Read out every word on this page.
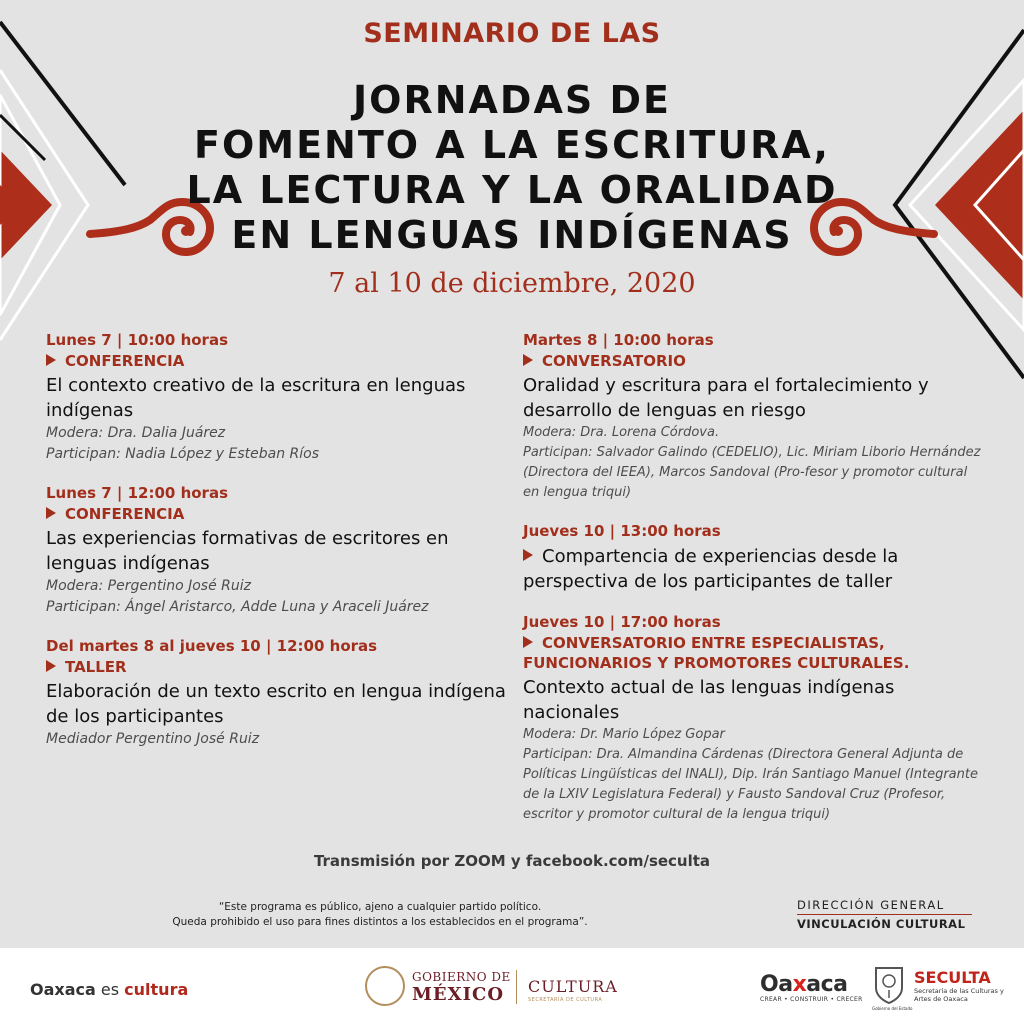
SEMINARIO DE LAS
JORNADAS DE
FOMENTO A LA ESCRITURA,
LA LECTURA Y LA ORALIDAD
EN LENGUAS INDÍGENAS
7 al 10 de diciembre, 2020
Lunes 7 | 10:00 horas
CONFERENCIA
El contexto creativo de la escritura en lenguas indígenas
Modera: Dra. Dalia Juárez
Participan: Nadia López y Esteban Ríos
Lunes 7 | 12:00 horas
CONFERENCIA
Las experiencias formativas de escritores en lenguas indígenas
Modera: Pergentino José Ruiz
Participan: Ángel Aristarco, Adde Luna y Araceli Juárez
Del martes 8 al jueves 10 | 12:00 horas
TALLER
Elaboración de un texto escrito en lengua indígena de los participantes
Mediador Pergentino José Ruiz
Martes 8 | 10:00 horas
CONVERSATORIO
Oralidad y escritura para el fortalecimiento y desarrollo de lenguas en riesgo
Modera: Dra. Lorena Córdova.
Participan: Salvador Galindo (CEDELIO), Lic. Miriam Liborio Hernández (Directora del IEEA), Marcos Sandoval (Pro-fesor y promotor cultural en lengua triqui)
Jueves 10 | 13:00 horas
Compartencia de experiencias desde la perspectiva de los participantes de taller
Jueves 10 | 17:00 horas
CONVERSATORIO ENTRE ESPECIALISTAS, FUNCIONARIOS Y PROMOTORES CULTURALES.
Contexto actual de las lenguas indígenas nacionales
Modera: Dr. Mario López Gopar
Participan: Dra. Almandina Cárdenas (Directora General Adjunta de Políticas Lingüísticas del INALI), Dip. Irán Santiago Manuel (Integrante de la LXIV Legislatura Federal) y Fausto Sandoval Cruz (Profesor, escritor y promotor cultural de la lengua triqui)
Transmisión por ZOOM y facebook.com/seculta
“Este programa es público, ajeno a cualquier partido político.
Queda prohibido el uso para fines distintos a los establecidos en el programa”.
DIRECCIÓN GENERAL
VINCULACIÓN CULTURAL
Oaxaca es cultura
GOBIERNO DE
MÉXICO CULTURA
SECRETARÍA DE CULTURA
Oaxaca
CREAR • CONSTRUIR • CRECER
Gobierno del Estado
SECULTA
Secretaría de las Culturas y
Artes de Oaxaca
